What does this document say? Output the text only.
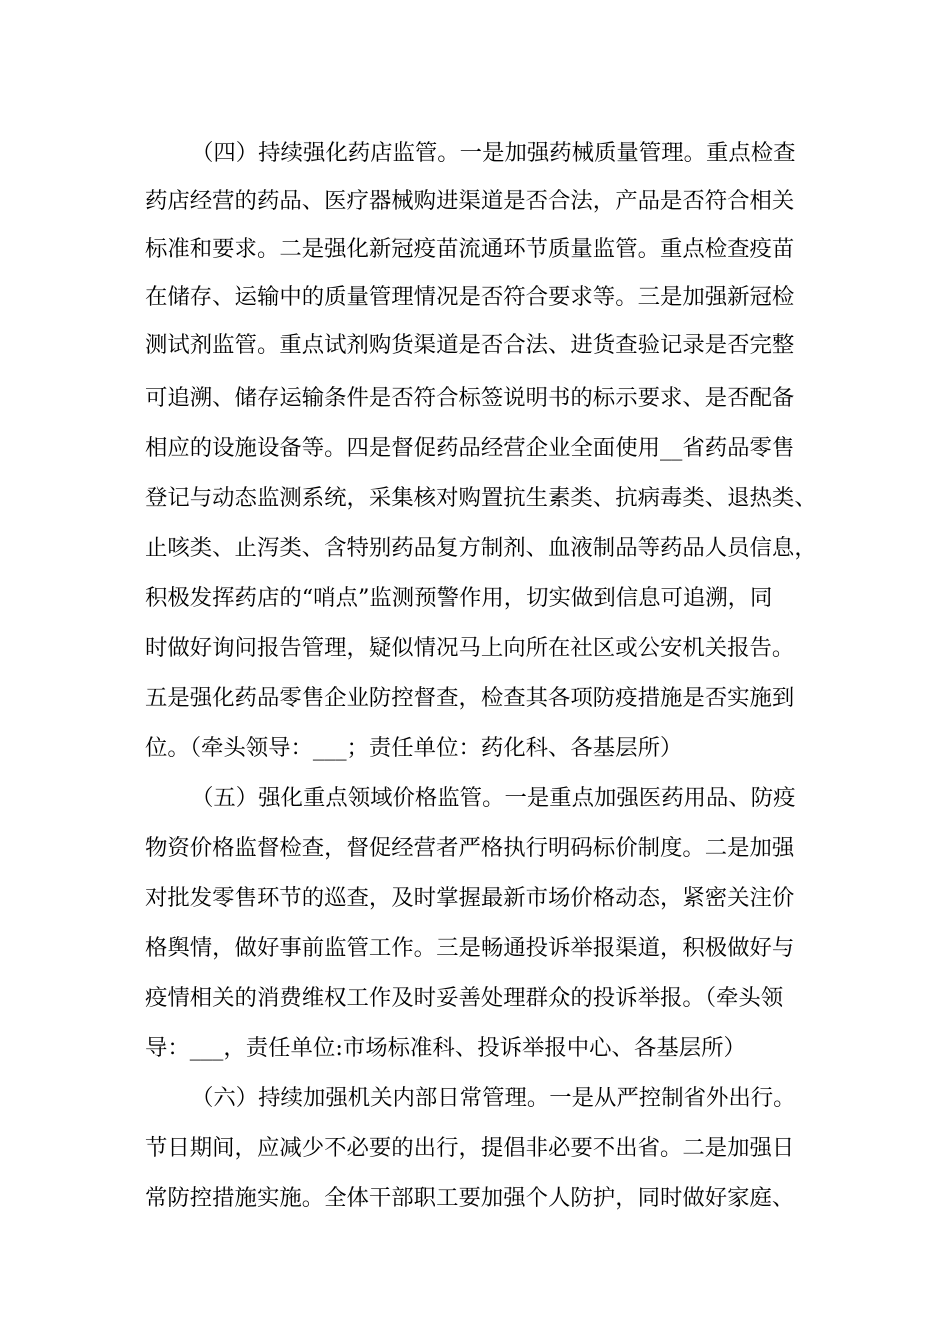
（四）持续强化药店监管。一是加强药械质量管理。重点检查
药店经营的药品、医疗器械购进渠道是否合法，产品是否符合相关
标准和要求。二是强化新冠疫苗流通环节质量监管。重点检查疫苗
在储存、运输中的质量管理情况是否符合要求等。三是加强新冠检
测试剂监管。重点试剂购货渠道是否合法、进货查验记录是否完整
可追溯、储存运输条件是否符合标签说明书的标示要求、是否配备
相应的设施设备等。四是督促药品经营企业全面使用__省药品零售
登记与动态监测系统，采集核对购置抗生素类、抗病毒类、退热类、
止咳类、止泻类、含特别药品复方制剂、血液制品等药品人员信息，
积极发挥药店的“哨点”监测预警作用，切实做到信息可追溯，同
时做好询问报告管理，疑似情况马上向所在社区或公安机关报告。
五是强化药品零售企业防控督查，检查其各项防疫措施是否实施到
位。（牵头领导：___；责任单位：药化科、各基层所）
（五）强化重点领域价格监管。一是重点加强医药用品、防疫
物资价格监督检查，督促经营者严格执行明码标价制度。二是加强
对批发零售环节的巡查，及时掌握最新市场价格动态，紧密关注价
格舆情，做好事前监管工作。三是畅通投诉举报渠道，积极做好与
疫情相关的消费维权工作及时妥善处理群众的投诉举报。（牵头领
导：___，责任单位:市场标准科、投诉举报中心、各基层所）
（六）持续加强机关内部日常管理。一是从严控制省外出行。
节日期间，应减少不必要的出行，提倡非必要不出省。二是加强日
常防控措施实施。全体干部职工要加强个人防护，同时做好家庭、
